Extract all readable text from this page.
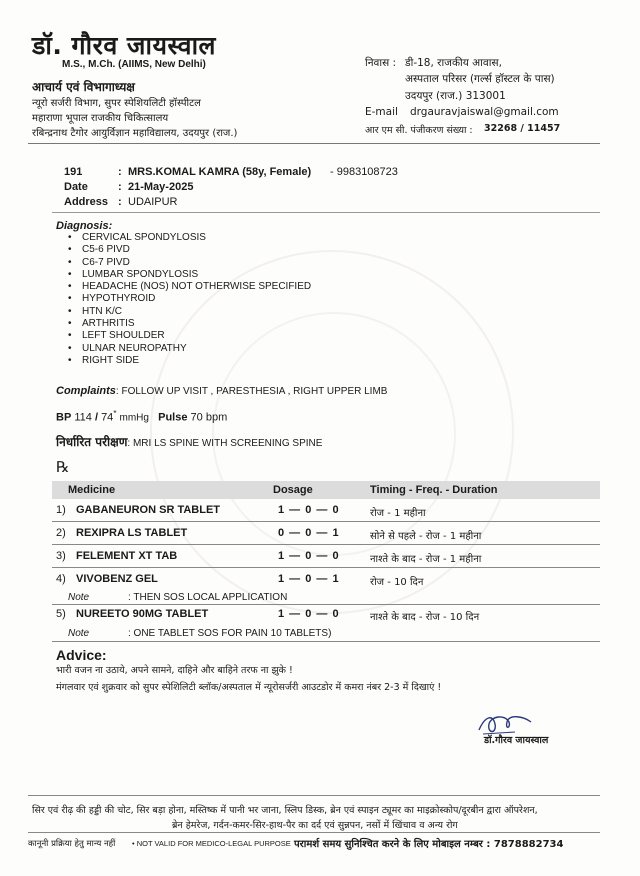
डॉ. गौरव जायस्वाल
M.S., M.Ch. (AIIMS, New Delhi)
आचार्य एवं विभागाध्यक्ष
न्यूरो सर्जरी विभाग, सुपर स्पेशियलिटी हॉस्पीटल
महाराणा भूपाल राजकीय चिकित्सालय
रबिन्द्रनाथ टैगोर आयुर्विज्ञान महाविद्यालय, उदयपुर (राज.)
निवास : डी-18, राजकीय आवास,
अस्पताल परिसर (गर्ल्स हॉस्टल के पास)
उदयपुर (राज.) 313001
E-mail drgauravjaiswal@gmail.com
आर एम सी. पंजीकरण संख्या : 32268 / 11457
191	: MRS.KOMAL KAMRA (58y, Female) - 9983108723
Date	: 21-May-2025
Address : UDAIPUR
Diagnosis:
• CERVICAL SPONDYLOSIS
• C5-6 PIVD
• C6-7 PIVD
• LUMBAR SPONDYLOSIS
• HEADACHE (NOS) NOT OTHERWISE SPECIFIED
• HYPOTHYROID
• HTN K/C
• ARTHRITIS
• LEFT SHOULDER
• ULNAR NEUROPATHY
• RIGHT SIDE
Complaints: FOLLOW UP VISIT , PARESTHESIA , RIGHT UPPER LIMB
BP 114 / 74* mmHg Pulse 70 bpm
निर्धारित परीक्षण: MRI LS SPINE WITH SCREENING SPINE
℞
Medicine	Dosage	Timing - Freq. - Duration
1) GABANEURON SR TABLET	1 — 0 — 0	रोज - 1 महीना
2) REXIPRA LS TABLET	0 — 0 — 1	सोने से पहले - रोज - 1 महीना
3) FELEMENT XT TAB	1 — 0 — 0	नाश्ते के बाद - रोज - 1 महीना
4) VIVOBENZ GEL	1 — 0 — 1	रोज - 10 दिन
Note	: THEN SOS LOCAL APPLICATION
5) NUREETO 90MG TABLET	1 — 0 — 0	नाश्ते के बाद - रोज - 10 दिन
Note	: ONE TABLET SOS FOR PAIN 10 TABLETS)
Advice:
भारी वजन ना उठाये, अपने सामने, दाहिने और बाहिने तरफ ना झुके !
मंगलवार एवं शुक्रवार को सुपर स्पेशिलिटी ब्लॉक/अस्पताल में न्यूरोसर्जरी आउटडोर में कमरा नंबर 2-3 में दिखाएं !
डॉ.गौरव जायस्वाल
सिर एवं रीढ़ की हड्डी की चोट, सिर बड़ा होना, मस्तिष्क में पानी भर जाना, स्लिप डिस्क, ब्रेन एवं स्पाइन ट्यूमर का माइक्रोस्कोप/दूरबीन द्वारा ऑपरेशन,
ब्रेन हेमरेज, गर्दन-कमर-सिर-हाथ-पैर का दर्द एवं सुन्नपन, नसों में खिंचाव व अन्य रोग
कानूनी प्रक्रिया हेतु मान्य नहीं • NOT VALID FOR MEDICO-LEGAL PURPOSE परामर्श समय सुनिश्चित करने के लिए मोबाइल नम्बर : 7878882734
